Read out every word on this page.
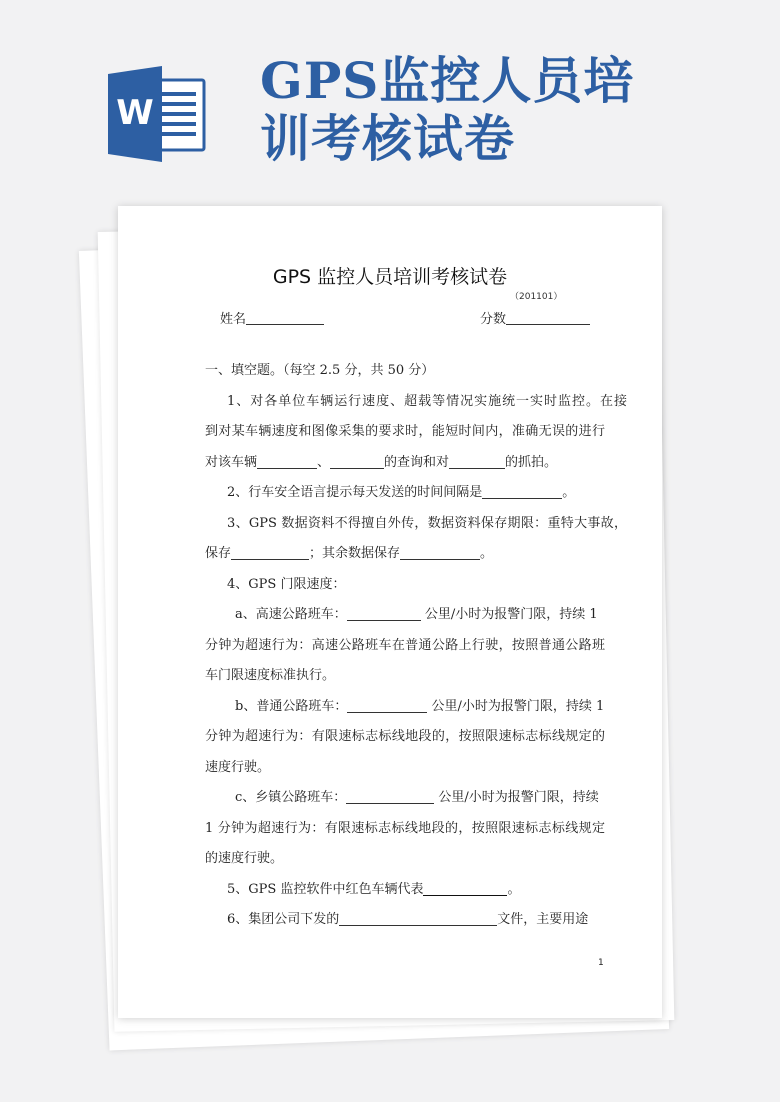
W
GPS监控人员培
训考核试卷
GPS 监控人员培训考核试卷
（201101）
姓名	分数
一、填空题。（每空 2.5 分，共 50 分）
1、对各单位车辆运行速度、超载等情况实施统一实时监控。在接
到对某车辆速度和图像采集的要求时，能短时间内，准确无误的进行
对该车辆	、	的查询和对	的抓拍。
2、行车安全语言提示每天发送的时间间隔是	。
3、GPS 数据资料不得擅自外传，数据资料保存期限：重特大事故，
保存	；其余数据保存	。
4、GPS 门限速度：
a、高速公路班车：	公里/小时为报警门限，持续 1
分钟为超速行为：高速公路班车在普通公路上行驶，按照普通公路班
车门限速度标准执行。
b、普通公路班车：	公里/小时为报警门限，持续 1
分钟为超速行为：有限速标志标线地段的，按照限速标志标线规定的
速度行驶。
c、乡镇公路班车：	公里/小时为报警门限，持续
1 分钟为超速行为：有限速标志标线地段的，按照限速标志标线规定
的速度行驶。
5、GPS 监控软件中红色车辆代表	。
6、集团公司下发的	文件，主要用途
1
